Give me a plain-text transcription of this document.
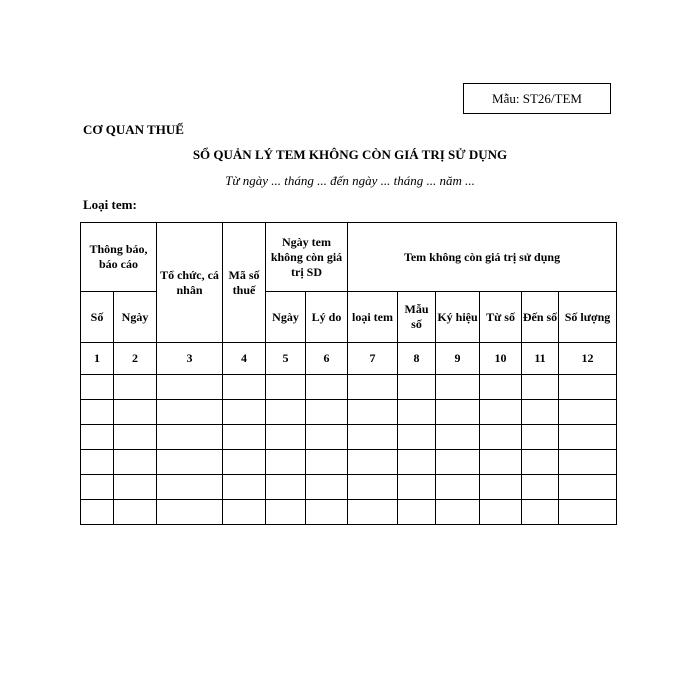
Mẫu: ST26/TEM
CƠ QUAN THUẾ
SỔ QUẢN LÝ TEM KHÔNG CÒN GIÁ TRỊ SỬ DỤNG
Từ ngày ... tháng ... đến ngày ... tháng ... năm ...
Loại tem:
Thông báo, báo cáo		Tổ chức, cá nhân	Mã số thuế	Ngày tem không còn giá trị SD		Tem không còn giá trị sử dụng					
Số	Ngày			Ngày	Lý do	loại tem	Mẫu số	Ký hiệu	Từ số	Đến số	Số lượng
1	2	3	4	5	6	7	8	9	10	11	12
